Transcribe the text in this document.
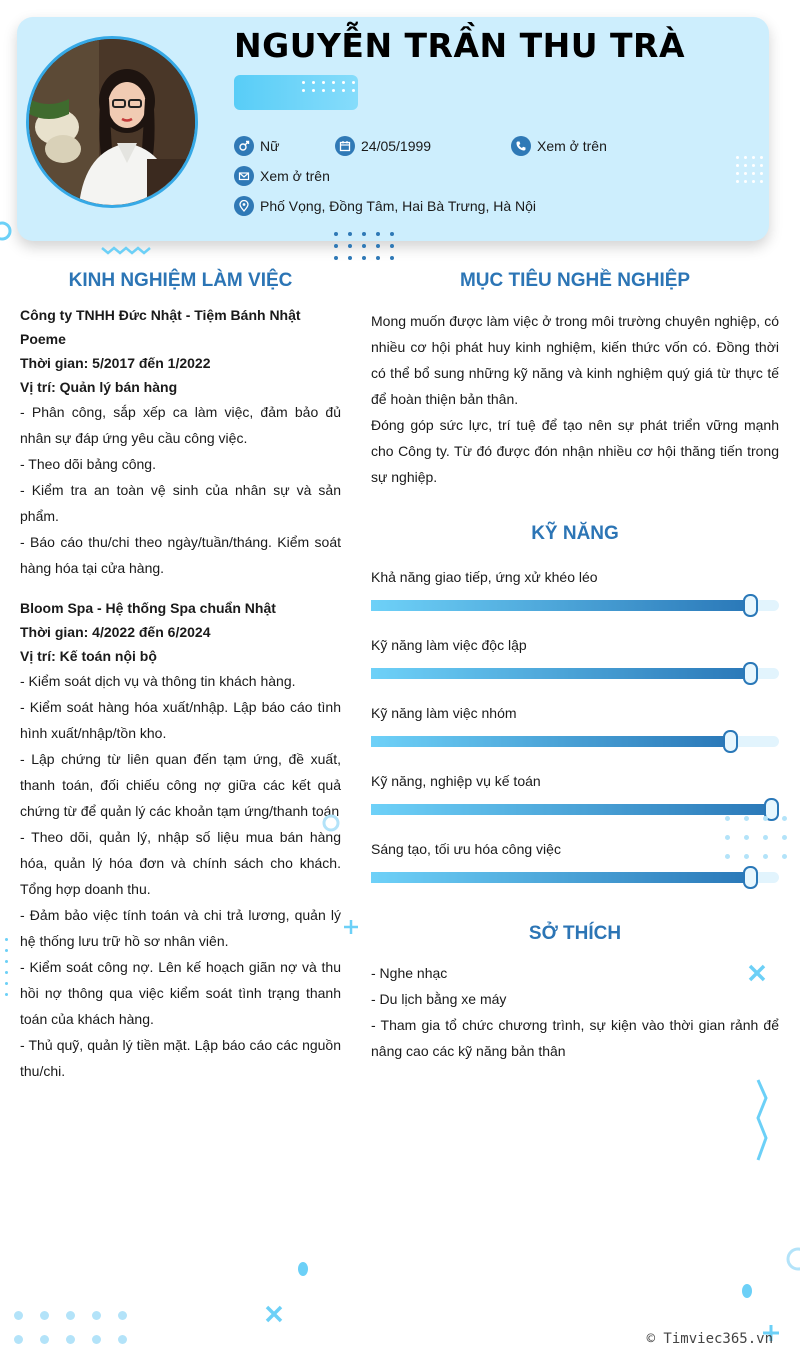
NGUYỄN TRẦN THU TRÀ
Nữ	24/05/1999	Xem ở trên
Xem ở trên
Phố Vọng, Đồng Tâm, Hai Bà Trưng, Hà Nội
KINH NGHIỆM LÀM VIỆC
Công ty TNHH Đức Nhật - Tiệm Bánh Nhật Poeme
Thời gian: 5/2017 đến 1/2022
Vị trí: Quản lý bán hàng
- Phân công, sắp xếp ca làm việc, đảm bảo đủ nhân sự đáp ứng yêu cầu công việc.
- Theo dõi bảng công.
- Kiểm tra an toàn vệ sinh của nhân sự và sản phẩm.
- Báo cáo thu/chi theo ngày/tuần/tháng. Kiểm soát hàng hóa tại cửa hàng.
Bloom Spa - Hệ thống Spa chuẩn Nhật
Thời gian: 4/2022 đến 6/2024
Vị trí: Kế toán nội bộ
- Kiểm soát dịch vụ và thông tin khách hàng.
- Kiểm soát hàng hóa xuất/nhập. Lập báo cáo tình hình xuất/nhập/tồn kho.
- Lập chứng từ liên quan đến tạm ứng, đề xuất, thanh toán, đối chiếu công nợ giữa các kết quả chứng từ để quản lý các khoản tạm ứng/thanh toán
- Theo dõi, quản lý, nhập số liệu mua bán hàng hóa, quản lý hóa đơn và chính sách cho khách. Tổng hợp doanh thu.
- Đảm bảo việc tính toán và chi trả lương, quản lý hệ thống lưu trữ hồ sơ nhân viên.
- Kiểm soát công nợ. Lên kế hoạch giãn nợ và thu hồi nợ thông qua việc kiểm soát tình trạng thanh toán của khách hàng.
- Thủ quỹ, quản lý tiền mặt. Lập báo cáo các nguồn thu/chi.
MỤC TIÊU NGHỀ NGHIỆP
Mong muốn được làm việc ở trong môi trường chuyên nghiệp, có nhiều cơ hội phát huy kinh nghiệm, kiến thức vốn có. Đồng thời có thể bổ sung những kỹ năng và kinh nghiệm quý giá từ thực tế để hoàn thiện bản thân.
Đóng góp sức lực, trí tuệ để tạo nên sự phát triển vững mạnh cho Công ty. Từ đó được đón nhận nhiều cơ hội thăng tiến trong sự nghiệp.
KỸ NĂNG
Khả năng giao tiếp, ứng xử khéo léo
Kỹ năng làm việc độc lập
Kỹ năng làm việc nhóm
Kỹ năng, nghiệp vụ kế toán
Sáng tạo, tối ưu hóa công việc
SỞ THÍCH
- Nghe nhạc
- Du lịch bằng xe máy
- Tham gia tổ chức chương trình, sự kiện vào thời gian rảnh để nâng cao các kỹ năng bản thân
© Timviec365.vn
